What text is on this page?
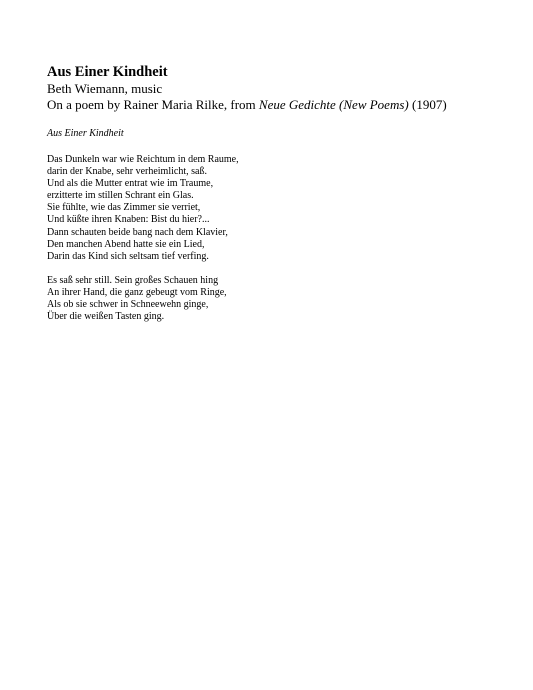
Aus Einer Kindheit

Beth Wiemann, music

On a poem by Rainer Maria Rilke, from Neue Gedichte (New Poems) (1907)

Aus Einer Kindheit

Das Dunkeln war wie Reichtum in dem Raume,
darin der Knabe, sehr verheimlicht, saß.
Und als die Mutter entrat wie im Traume,
erzitterte im stillen Schrant ein Glas.
Sie fühlte, wie das Zimmer sie verriet,
Und küßte ihren Knaben: Bist du hier?...
Dann schauten beide bang nach dem Klavier,
Den manchen Abend hatte sie ein Lied,
Darin das Kind sich seltsam tief verfing.
Es saß sehr still. Sein großes Schauen hing
An ihrer Hand, die ganz gebeugt vom Ringe,
Als ob sie schwer in Schneewehn ginge,
Über die weißen Tasten ging.
